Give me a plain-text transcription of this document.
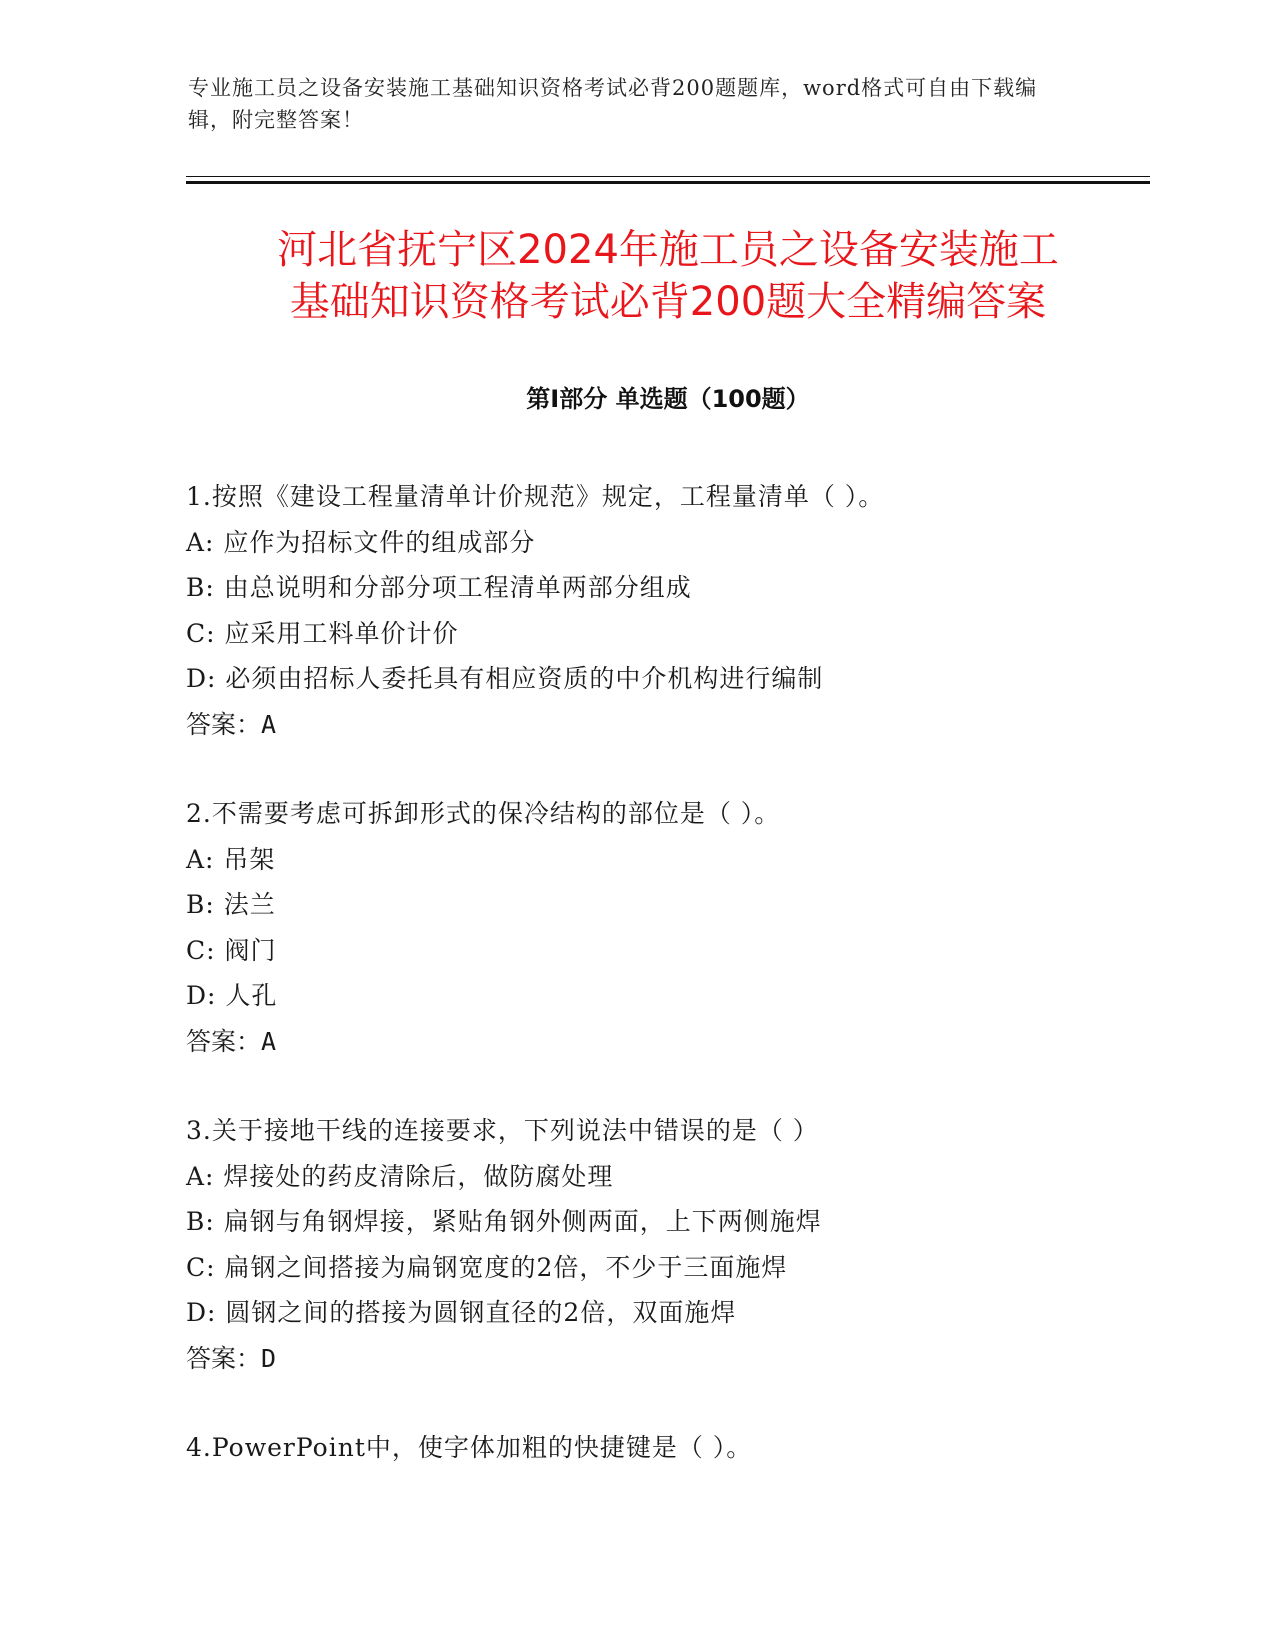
专业施工员之设备安装施工基础知识资格考试必背200题题库，word格式可自由下载编辑，附完整答案！
河北省抚宁区2024年施工员之设备安装施工
基础知识资格考试必背200题大全精编答案
第Ⅰ部分 单选题（100题）
1.按照《建设工程量清单计价规范》规定，工程量清单（ ）。
A: 应作为招标文件的组成部分
B: 由总说明和分部分项工程清单两部分组成
C: 应采用工料单价计价
D: 必须由招标人委托具有相应资质的中介机构进行编制
答案：A
2.不需要考虑可拆卸形式的保冷结构的部位是（ ）。
A: 吊架
B: 法兰
C: 阀门
D: 人孔
答案：A
3.关于接地干线的连接要求，下列说法中错误的是（ ）
A: 焊接处的药皮清除后，做防腐处理
B: 扁钢与角钢焊接，紧贴角钢外侧两面，上下两侧施焊
C: 扁钢之间搭接为扁钢宽度的2倍，不少于三面施焊
D: 圆钢之间的搭接为圆钢直径的2倍，双面施焊
答案：D
4.PowerPoint中，使字体加粗的快捷键是（ ）。
